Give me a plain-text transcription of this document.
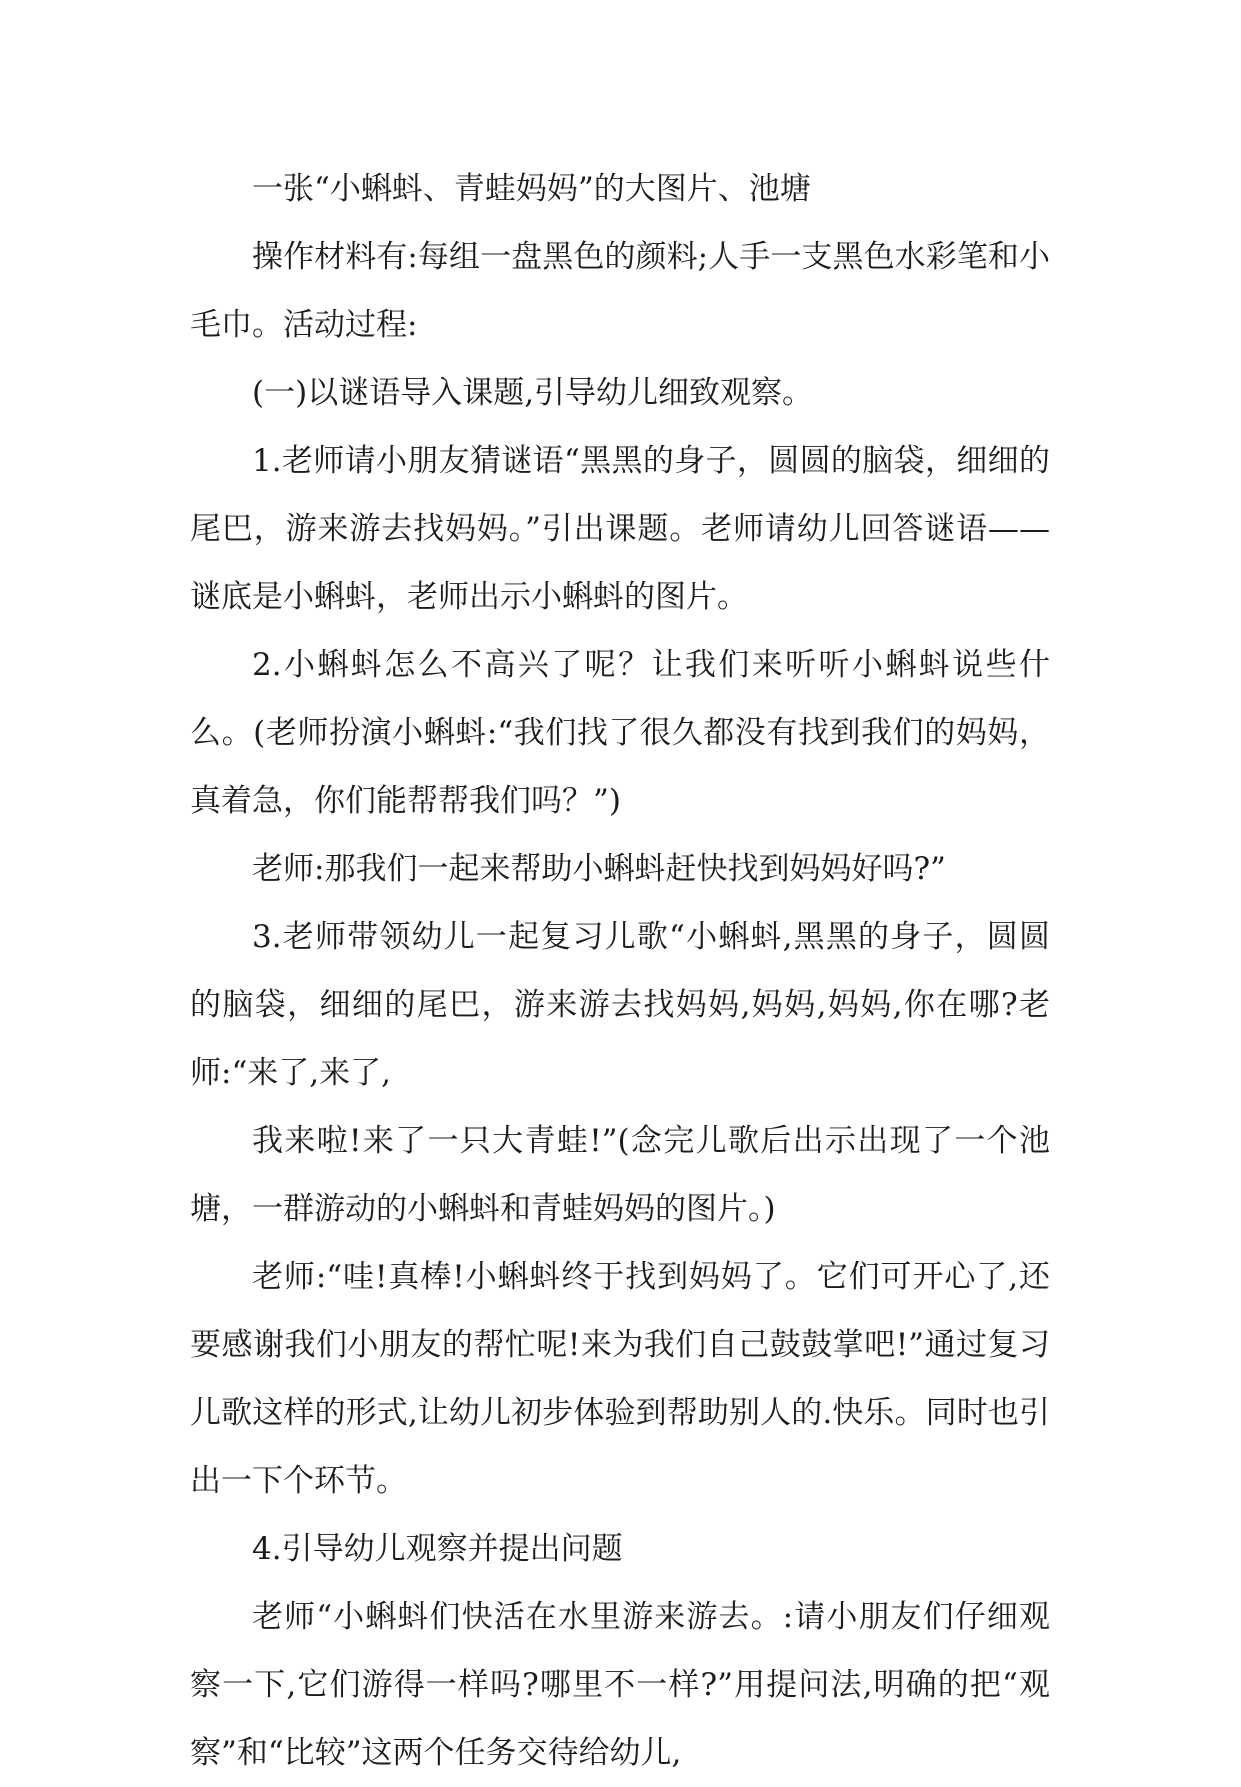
一张“小蝌蚪、青蛙妈妈”的大图片、池塘

操作材料有:每组一盘黑色的颜料;人手一支黑色水彩笔和小毛巾。活动过程:

(一)以谜语导入课题,引导幼儿细致观察。

1.老师请小朋友猜谜语“黑黑的身子，圆圆的脑袋，细细的尾巴，游来游去找妈妈。”引出课题。老师请幼儿回答谜语——谜底是小蝌蚪，老师出示小蝌蚪的图片。

2.小蝌蚪怎么不高兴了呢？让我们来听听小蝌蚪说些什么。(老师扮演小蝌蚪:“我们找了很久都没有找到我们的妈妈，真着急，你们能帮帮我们吗？”)

老师:那我们一起来帮助小蝌蚪赶快找到妈妈好吗?”

3.老师带领幼儿一起复习儿歌“小蝌蚪,黑黑的身子，圆圆的脑袋，细细的尾巴，游来游去找妈妈,妈妈,妈妈,你在哪?老师:“来了,来了,

我来啦!来了一只大青蛙!”(念完儿歌后出示出现了一个池塘，一群游动的小蝌蚪和青蛙妈妈的图片。)

老师:“哇!真棒!小蝌蚪终于找到妈妈了。它们可开心了,还要感谢我们小朋友的帮忙呢!来为我们自己鼓鼓掌吧!”通过复习儿歌这样的形式,让幼儿初步体验到帮助别人的.快乐。同时也引出一下个环节。

4.引导幼儿观察并提出问题

老师“小蝌蚪们快活在水里游来游去。:请小朋友们仔细观察一下,它们游得一样吗?哪里不一样?”用提问法,明确的把“观察”和“比较”这两个任务交待给幼儿,
